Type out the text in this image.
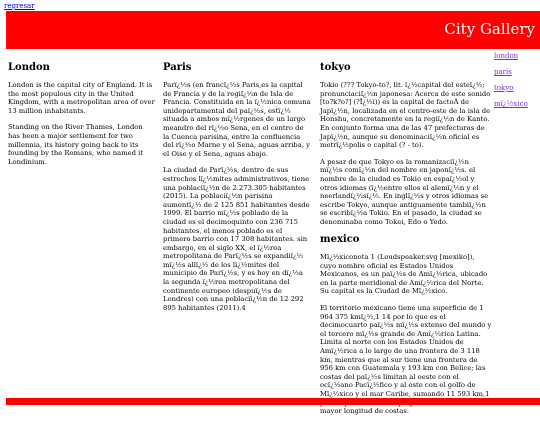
regresar
City Gallery
london
paris
tokyo
mï¿½xico
London

London is the capital city of England. It is the most populous city in the United Kingdom, with a metropolitan area of over 13 million inhabitants.

Standing on the River Thames, London has been a major settlement for two millennia, its history going back to its founding by the Romans, who named it Londinium.

Paris

Parï¿½s (en francï¿½s Paris,es la capital de Francia y de la regiï¿½n de Isla de Francia. Constituida en la ï¿½nica comuna unidepartamental del paï¿½s, estï¿½ situada a ambos mï¿½rgenes de un largo meandro del rï¿½o Sena, en el centro de la Cuenca parisina, entre la confluencia del rï¿½o Marne y el Sena, aguas arriba, y el Oise y el Sena, aguas abajo.

La ciudad de Parï¿½s, dentro de sus estrechos lï¿½mites administrativos, tiene una poblaciï¿½n de 2.273.305 habitantes (2015). La poblaciï¿½n parisina aumentï¿½ de 2 125 851 habitantes desde 1999. El barrio mï¿½s poblado de la ciudad es el decimoquinto con 236 715 habitantes, el menos poblado es el primero barrio con 17 308 habitantes. sin embargo, en el siglo XX, el ï¿½rea metropolitana de Parï¿½s se expandiï¿½ mï¿½s allï¿½ de los lï¿½mites del municipio de Parï¿½s, y es hoy en dï¿½a la segunda ï¿½rea metropolitana del continente europeo (despuï¿½s de Londres) con una poblaciï¿½n de 12 292 895 habitantes (2011).4

tokyo

Tokio (??? Tokyo-to?, lit. ï¿½capital del esteï¿½; pronunciaciï¿½n japonesa: Acerca de este sonido [to?k?o?] (?Ï¿½i)) es la capital de factoÂ de Japï¿½n, localizada en el centro-este de la isla de Honshu, concretamente en la regiï¿½n de Kanto. En conjunto forma una de las 47 prefecturas de Japï¿½n, aunque su denominaciï¿½n oficial es metrï¿½polis o capital (? - to).

A pesar de que Tokyo es la romanizaciï¿½n mï¿½s comï¿½n del nombre en japonï¿½s. el nombre de la ciudad es Tokio en espaï¿½ol y otros idiomas (ï¿½entre ellos el alemï¿½n y el neerlandï¿½sï¿½. En inglï¿½s y otros idiomas se escribe Tokyo, aunque antiguamente tambiï¿½n se escribï¿½a Tokio. En el pasado, la ciudad se denominaba como Tokei, Edo o Yedo.

mexico

Mï¿½xiconota 1 (Loudspeaker.svg [mexiko]), cuyo nombre oficial es Estados Unidos Mexicanos, es un paï¿½s de Amï¿½rica, ubicado en la parte meridional de Amï¿½rica del Norte. Su capital es la Ciudad de Mï¿½xico.

El territorio mexicano tiene una superficie de 1 964 375 kmï¿½,1 14 por lo que es el decimocuarto paï¿½s mï¿½s extenso del mundo y el tercero mï¿½s grande de Amï¿½rica Latina. Limita al norte con los Estados Unidos de Amï¿½rica a lo largo de una frontera de 3 118 km, mientras que al sur tiene una frontera de 956 km con Guatemala y 193 km con Belice; las costas del paï¿½s limitan al oeste con el ocï¿½ano Pacï¿½fico y al este con el golfo de Mï¿½xico y el mar Caribe, sumando 11 593 km,1 mayor longitud de costas.
